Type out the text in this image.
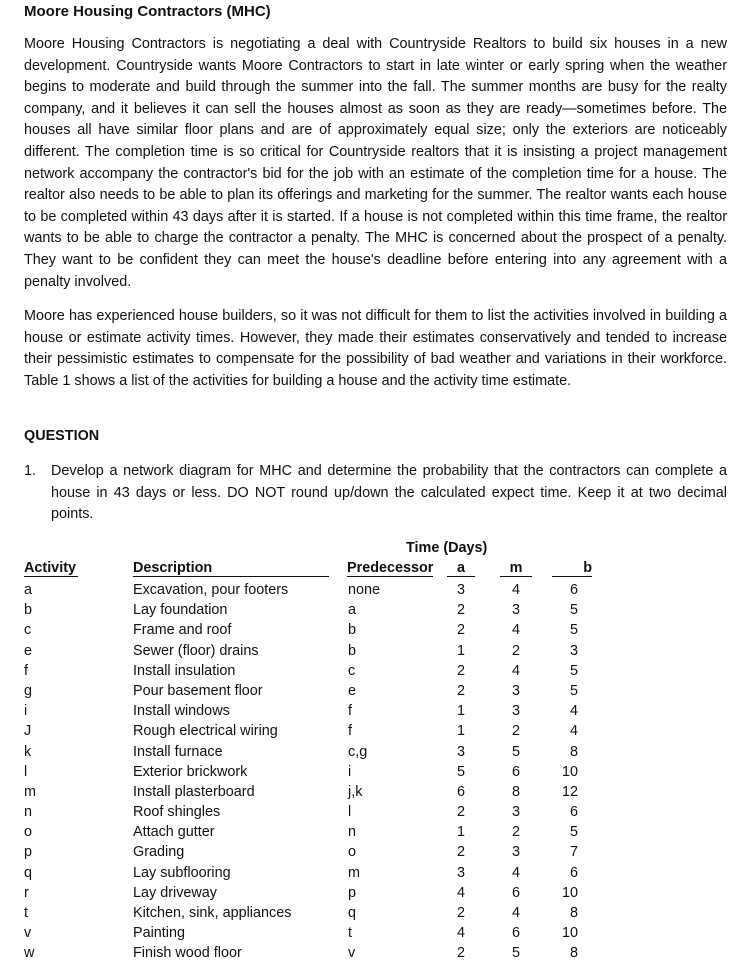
Moore Housing Contractors (MHC)
Moore Housing Contractors is negotiating a deal with Countryside Realtors to build six houses in a new development. Countryside wants Moore Contractors to start in late winter or early spring when the weather begins to moderate and build through the summer into the fall. The summer months are busy for the realty company, and it believes it can sell the houses almost as soon as they are ready—sometimes before. The houses all have similar floor plans and are of approximately equal size; only the exteriors are noticeably different. The completion time is so critical for Countryside realtors that it is insisting a project management network accompany the contractor's bid for the job with an estimate of the completion time for a house. The realtor also needs to be able to plan its offerings and marketing for the summer. The realtor wants each house to be completed within 43 days after it is started. If a house is not completed within this time frame, the realtor wants to be able to charge the contractor a penalty. The MHC is concerned about the prospect of a penalty. They want to be confident they can meet the house's deadline before entering into any agreement with a penalty involved.
Moore has experienced house builders, so it was not difficult for them to list the activities involved in building a house or estimate activity times. However, they made their estimates conservatively and tended to increase their pessimistic estimates to compensate for the possibility of bad weather and variations in their workforce. Table 1 shows a list of the activities for building a house and the activity time estimate.
QUESTION
1. Develop a network diagram for MHC and determine the probability that the contractors can complete a house in 43 days or less. DO NOT round up/down the calculated expect time. Keep it at two decimal points.
Time (Days)
Activity	Description	Predecessor	a	m	b
a	Excavation, pour footers	none	3	4	6
b	Lay foundation	a	2	3	5
c	Frame and roof	b	2	4	5
e	Sewer (floor) drains	b	1	2	3
f	Install insulation	c	2	4	5
g	Pour basement floor	e	2	3	5
i	Install windows	f	1	3	4
J	Rough electrical wiring	f	1	2	4
k	Install furnace	c,g	3	5	8
l	Exterior brickwork	i	5	6	10
m	Install plasterboard	j,k	6	8	12
n	Roof shingles	l	2	3	6
o	Attach gutter	n	1	2	5
p	Grading	o	2	3	7
q	Lay subflooring	m	3	4	6
r	Lay driveway	p	4	6	10
t	Kitchen, sink, appliances	q	2	4	8
v	Painting	t	4	6	10
w	Finish wood floor	v	2	5	8
